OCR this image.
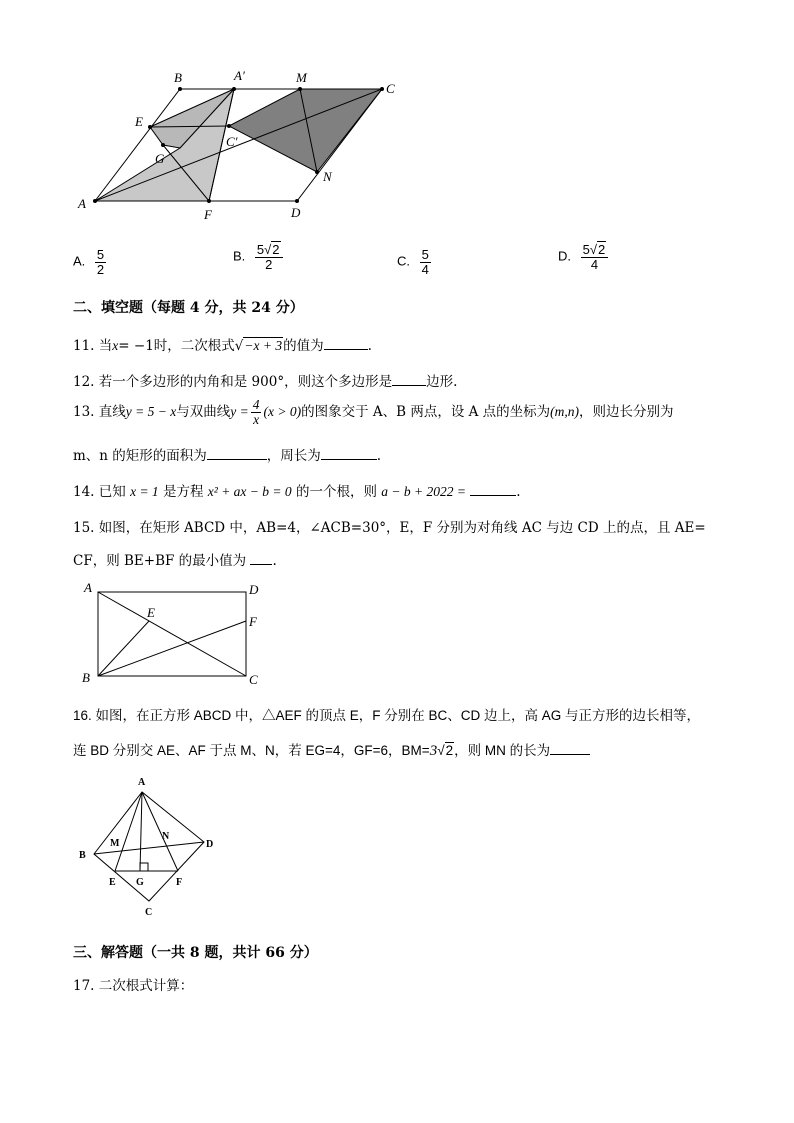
B	A′	M
C
E
G
C′
N
A
F	D
A. $\frac{5}{2}$	B. $\frac{5√2}{2}$	C. $\frac{5}{4}$	D. $\frac{5√2}{4}$
二、填空题（每题 4 分，共 24 分）
11. 当x= −1时，二次根式√−x + 3的值为	.
12. 若一个多边形的内角和是 900°，则这个多边形是	边形.
13. 直线y = 5 − x与双曲线$y = \frac{4}{x} (x > 0)$的图象交于 A、B 两点，设 A 点的坐标为(m,n)，则边长分别为
m、n 的矩形的面积为	，周长为	.
14. 已知 x = 1 是方程 x² + ax − b = 0 的一个根，则 a − b + 2022 =	.
15. 如图，在矩形 ABCD 中，AB=4，∠ACB=30°，E，F 分别为对角线 AC 与边 CD 上的点，且 AE=
CF，则 BE+BF 的最小值为 .
A	D
E
F
B	C
16. 如图，在正方形 ABCD 中，△AEF 的顶点 E，F 分别在 BC、CD 边上，高 AG 与正方形的边长相等，
连 BD 分别交 AE、AF 于点 M、N，若 EG=4，GF=6，BM=3√2，则 MN 的长为
A
M
N
B
D
E G	F
C
三、解答题（一共 8 题，共计 66 分）
17. 二次根式计算：
